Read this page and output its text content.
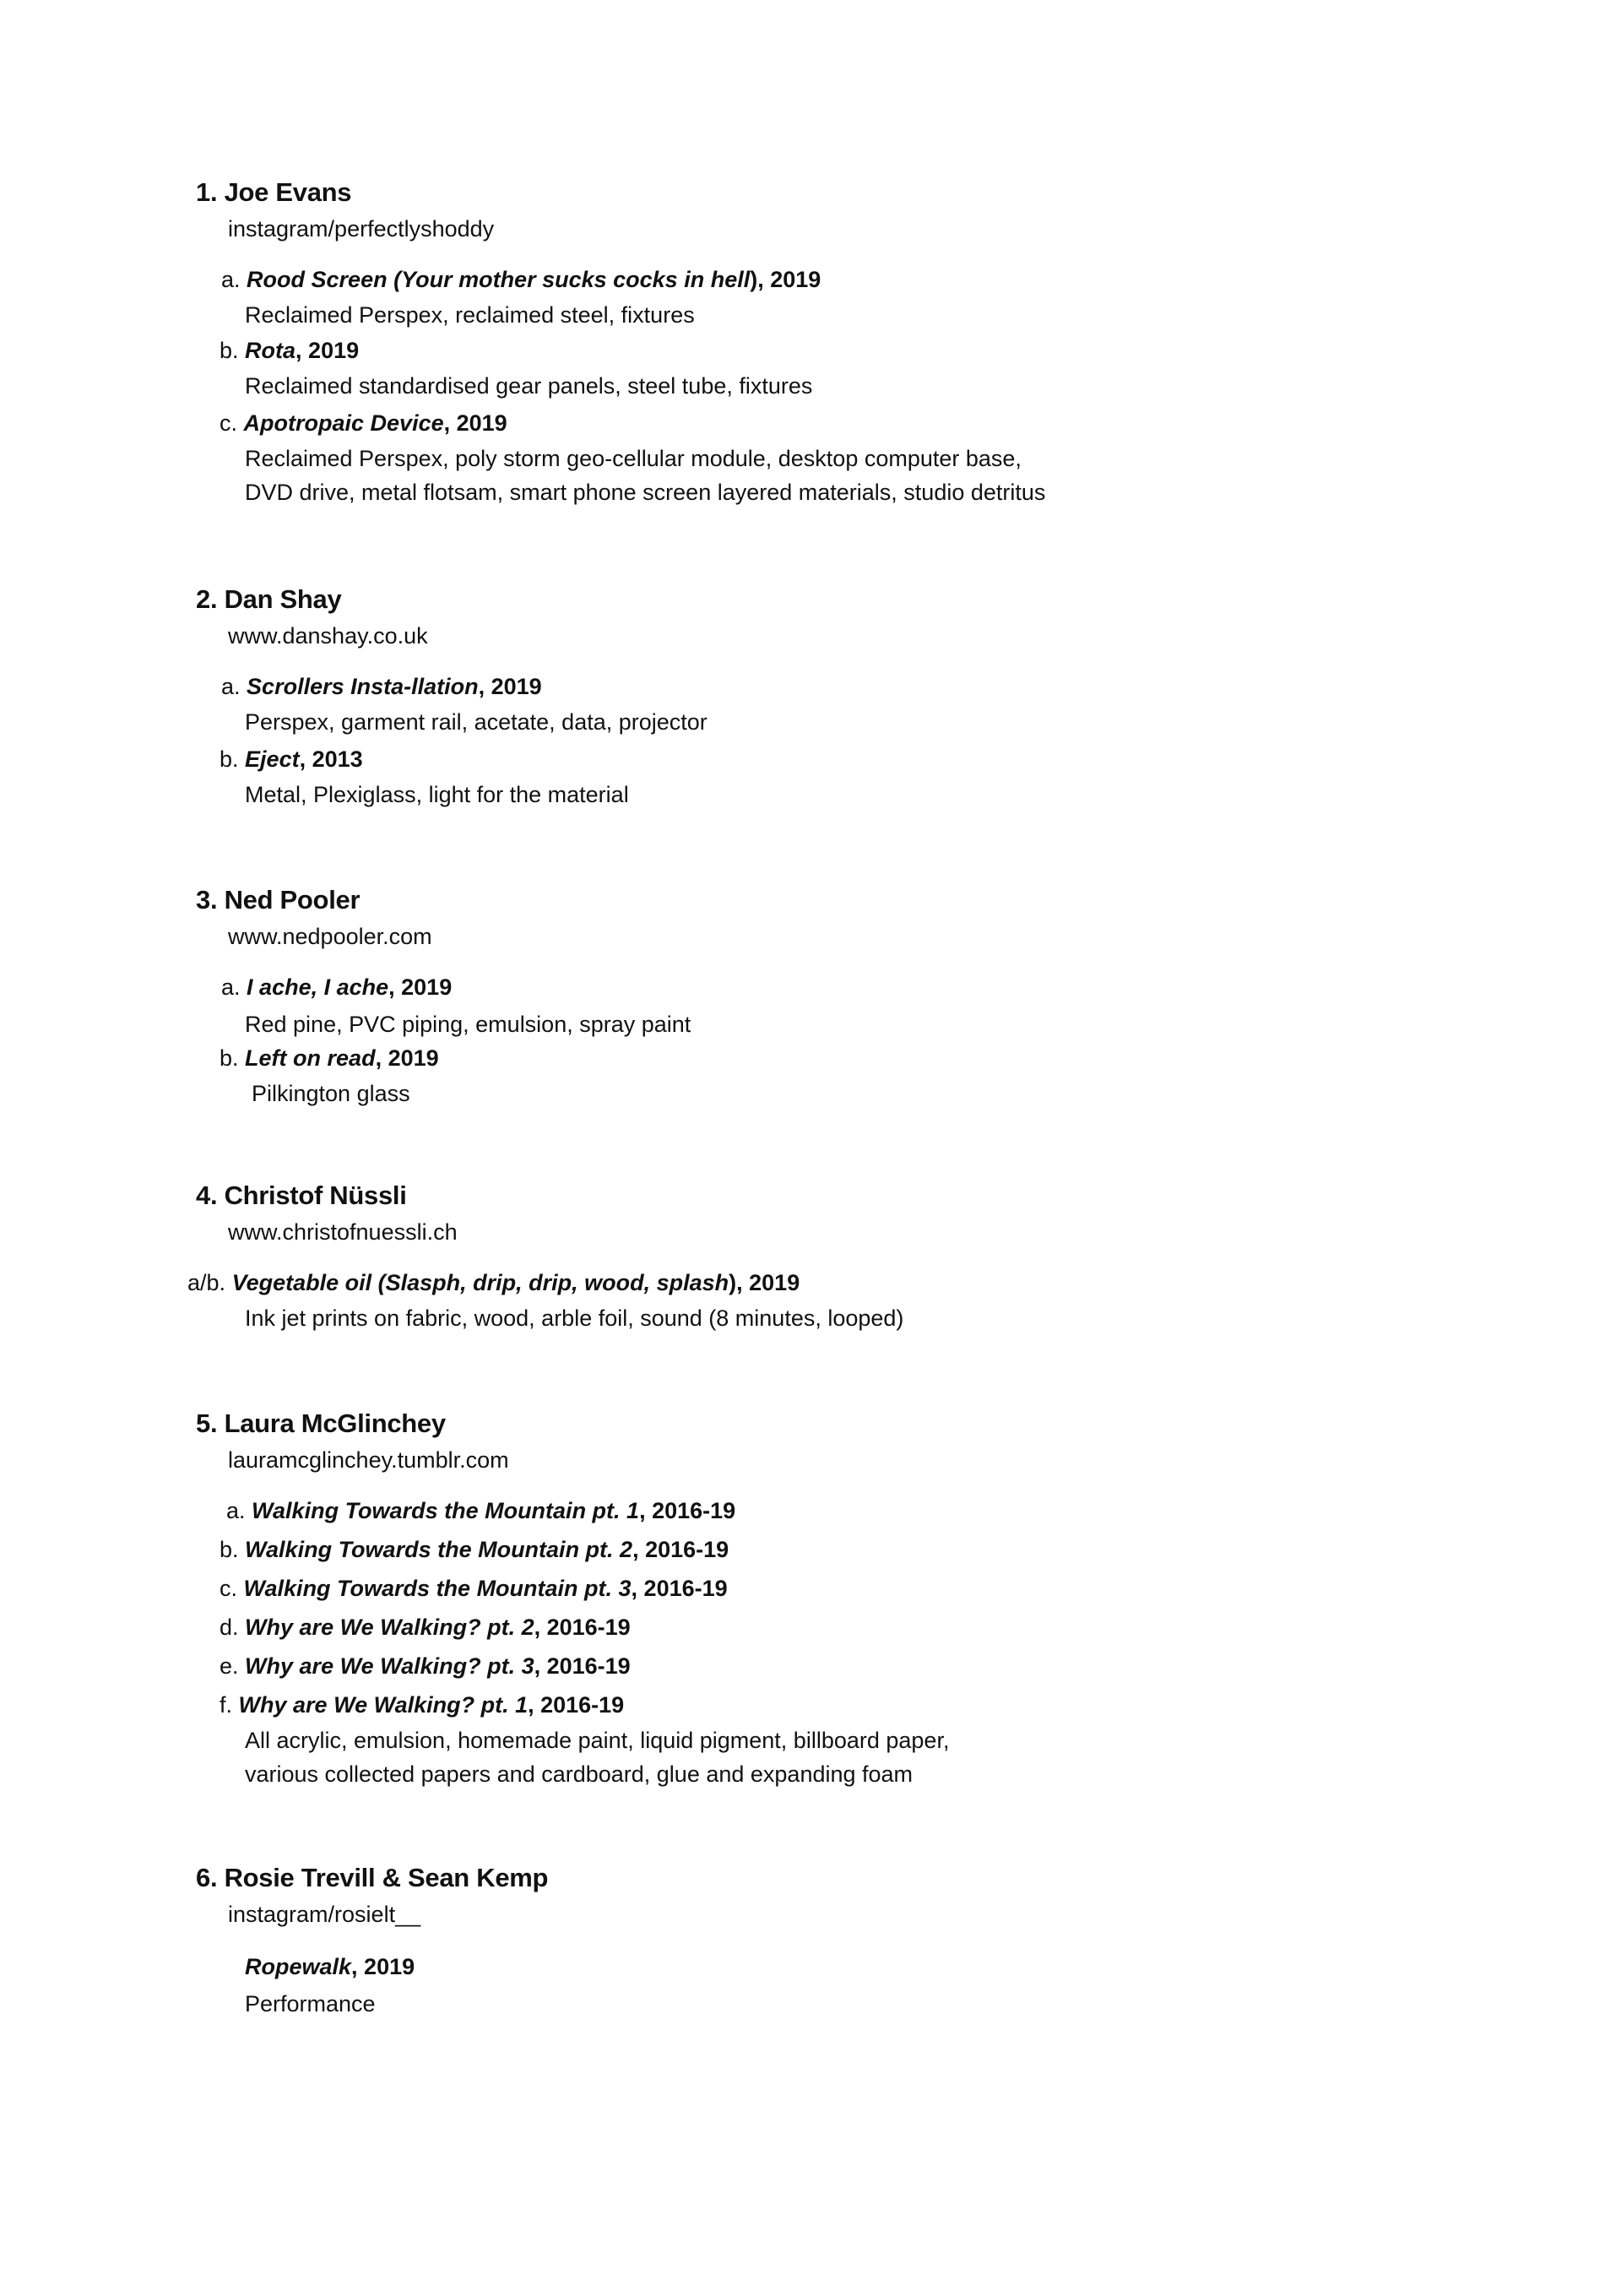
1. Joe Evans
instagram/perfectlyshoddy
a. Rood Screen (Your mother sucks cocks in hell), 2019
Reclaimed Perspex, reclaimed steel, fixtures
b. Rota, 2019
Reclaimed standardised gear panels, steel tube, fixtures
c. Apotropaic Device, 2019
Reclaimed Perspex, poly storm geo-cellular module, desktop computer base,
DVD drive, metal flotsam, smart phone screen layered materials, studio detritus
2. Dan Shay
www.danshay.co.uk
a. Scrollers Insta-llation, 2019
Perspex, garment rail, acetate, data, projector
b. Eject, 2013
Metal, Plexiglass, light for the material
3. Ned Pooler
www.nedpooler.com
a. I ache, I ache, 2019
Red pine, PVC piping, emulsion, spray paint
b. Left on read, 2019
Pilkington glass
4. Christof Nüssli
www.christofnuessli.ch
a/b. Vegetable oil (Slasph, drip, drip, wood, splash), 2019
Ink jet prints on fabric, wood, arble foil, sound (8 minutes, looped)
5. Laura McGlinchey
lauramcglinchey.tumblr.com
a. Walking Towards the Mountain pt. 1, 2016-19
b. Walking Towards the Mountain pt. 2, 2016-19
c. Walking Towards the Mountain pt. 3, 2016-19
d. Why are We Walking? pt. 2, 2016-19
e. Why are We Walking? pt. 3, 2016-19
f. Why are We Walking? pt. 1, 2016-19
All acrylic, emulsion, homemade paint, liquid pigment, billboard paper,
various collected papers and cardboard, glue and expanding foam
6. Rosie Trevill & Sean Kemp
instagram/rosielt__
Ropewalk, 2019
Performance
